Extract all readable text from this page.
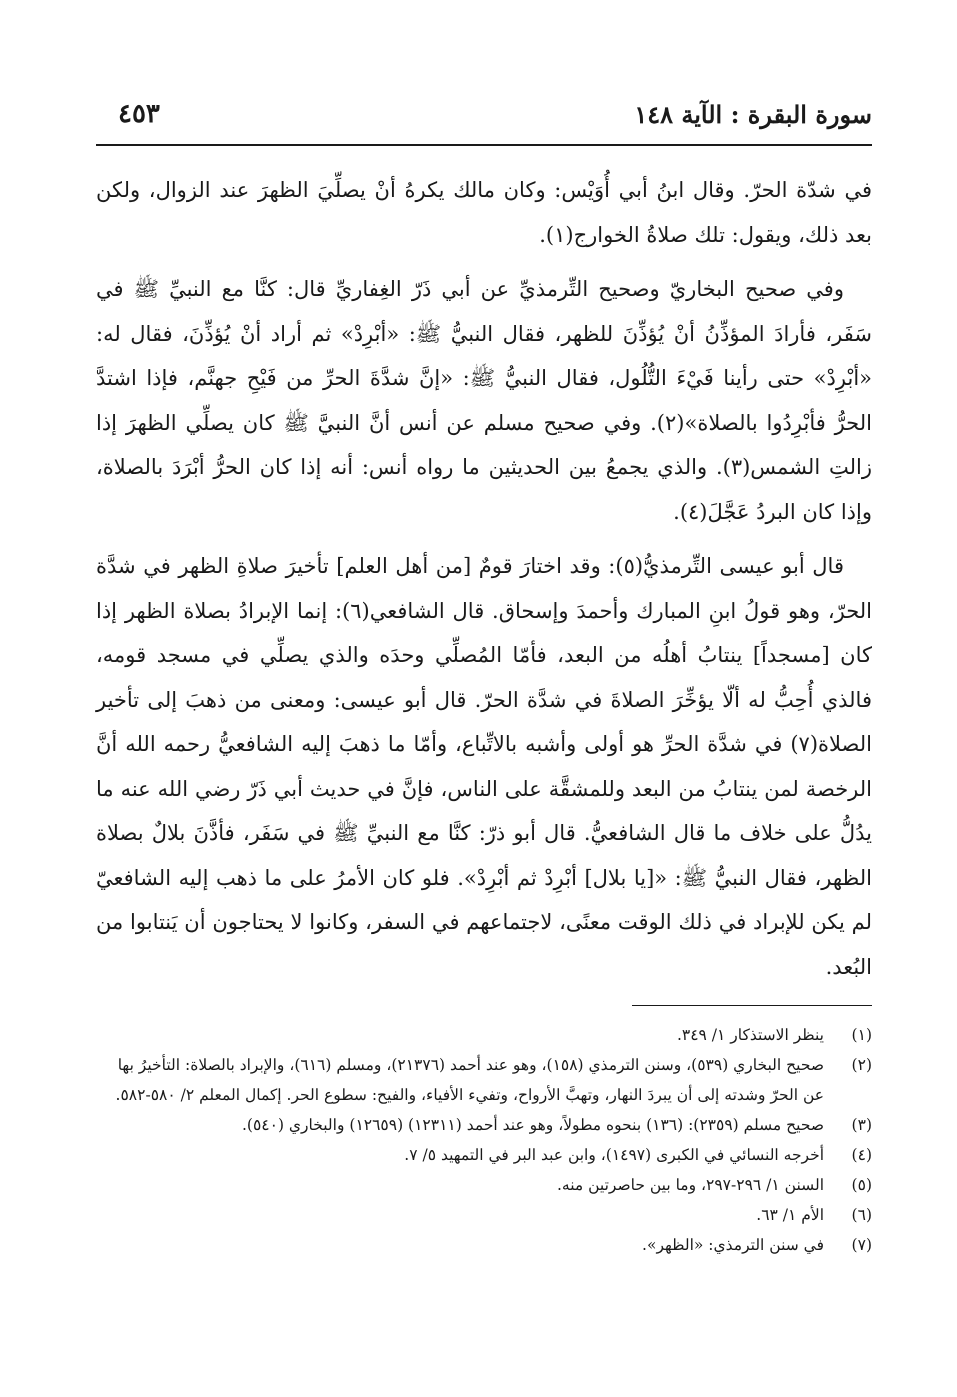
سورة البقرة : الآية ١٤٨
٤٥٣

في شدّة الحرّ. وقال ابنُ أبي أُوَيْس: وكان مالك يكرهُ أنْ يصلِّيَ الظهرَ عند الزوال، ولكن بعد ذلك، ويقول: تلك صلاةُ الخوارج(١).

وفي صحيح البخاريّ وصحيح التِّرمذيِّ عن أبي ذَرّ الغِفاريِّ قال: كنَّا مع النبيِّ ﷺ في سَفَر، فأرادَ المؤذِّنُ أنْ يُؤذِّنَ للظهر، فقال النبيُّ ﷺ: «أبْرِدْ» ثم أراد أنْ يُؤذِّنَ، فقال له: «أبْرِدْ» حتى رأينا فَيْءَ التُّلُول، فقال النبيُّ ﷺ: «إنَّ شدَّةَ الحرِّ من فَيْحِ جهنَّم، فإذا اشتدَّ الحرُّ فأبْرِدُوا بالصلاة»(٢). وفي صحيح مسلم عن أنس أنَّ النبيَّ ﷺ كان يصلِّي الظهرَ إذا زالتِ الشمس(٣). والذي يجمعُ بين الحديثين ما رواه أنس: أنه إذا كان الحرُّ أبْرَدَ بالصلاة، وإذا كان البردُ عَجَّلَ(٤).

قال أبو عيسى التِّرمذيُّ(٥): وقد اختارَ قومٌ [من أهل العلم] تأخيرَ صلاةِ الظهر في شدَّة الحرّ، وهو قولُ ابنِ المبارك وأحمدَ وإسحاق. قال الشافعي(٦): إنما الإبرادُ بصلاة الظهر إذا كان [مسجداً] ينتابُ أهلُه من البعد، فأمّا المُصلِّي وحدَه والذي يصلِّي في مسجد قومه، فالذي أُحِبُّ له ألّا يؤخِّرَ الصلاةَ في شدَّة الحرّ. قال أبو عيسى: ومعنى من ذهبَ إلى تأخير الصلاة(٧) في شدَّة الحرِّ هو أولى وأشبه بالاتِّباع، وأمّا ما ذهبَ إليه الشافعيُّ رحمه الله أنَّ الرخصة لمن ينتابُ من البعد وللمشقَّة على الناس، فإنَّ في حديث أبي ذَرّ رضي الله عنه ما يدُلُّ على خلاف ما قال الشافعيُّ. قال أبو ذرّ: كنَّا مع النبيِّ ﷺ في سَفَر، فأذَّنَ بلالٌ بصلاة الظهر، فقال النبيُّ ﷺ: «[يا بلال] أبْرِدْ ثم أبْرِدْ». فلو كان الأمرُ على ما ذهب إليه الشافعيّ لم يكن للإبراد في ذلك الوقت معنًى، لاجتماعهم في السفر، وكانوا لا يحتاجون أن يَنتابوا من البُعد.

(١)
ينظر الاستذكار ١/ ٣٤٩.
(٢)
صحيح البخاري (٥٣٩)، وسنن الترمذي (١٥٨)، وهو عند أحمد (٢١٣٧٦)، ومسلم (٦١٦)، والإبراد بالصلاة: التأخيرُ بها عن الحرّ وشدته إلى أن يبردَ النهار، وتهبَّ الأرواح، وتفيء الأفياء، والفيح: سطوع الحر. إكمال المعلم ٢/ ٥٨٠-٥٨٢.
(٣)
صحيح مسلم (٢٣٥٩): (١٣٦) بنحوه مطولاً، وهو عند أحمد (١٢٣١١) (١٢٦٥٩) والبخاري (٥٤٠).
(٤)
أخرجه النسائي في الكبرى (١٤٩٧)، وابن عبد البر في التمهيد ٥/ ٧.
(٥)
السنن ١/ ٢٩٦-٢٩٧، وما بين حاصرتين منه.
(٦)
الأم ١/ ٦٣.
(٧)
في سنن الترمذي: «الظهر».
